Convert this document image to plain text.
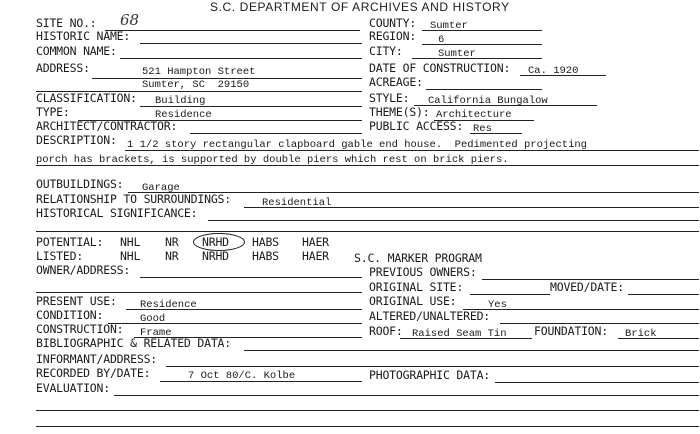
S.C. DEPARTMENT OF ARCHIVES AND HISTORY
SITE NO.: 68
HISTORIC NAME:
COMMON NAME:
ADDRESS:	521 Hampton Street
Sumter, SC  29150
CLASSIFICATION: Building
TYPE:	Residence
ARCHITECT/CONTRACTOR:
COUNTY: Sumter
REGION: 6
CITY:	Sumter
DATE OF CONSTRUCTION: Ca. 1920
ACREAGE:
STYLE: California Bungalow
THEME(S): Architecture
PUBLIC ACCESS: Res
DESCRIPTION: 1 1/2 story rectangular clapboard gable end house.  Pedimented projecting
porch has brackets, is supported by double piers which rest on brick piers.
OUTBUILDINGS: Garage
RELATIONSHIP TO SURROUNDINGS:	Residential
HISTORICAL SIGNIFICANCE:
POTENTIAL: NHL NR NRHD HABS HAER
LISTED:	NHL NR NRHD HABS HAER S.C. MARKER PROGRAM
OWNER/ADDRESS:	PREVIOUS OWNERS:
ORIGINAL SITE:	MOVED/DATE:
PRESENT USE: Residence	ORIGINAL USE:	Yes
CONDITION:	Good	ALTERED/UNALTERED:
CONSTRUCTION: Frame	ROOF: Raised Seam Tin FOUNDATION: Brick
BIBLIOGRAPHIC & RELATED DATA:
INFORMANT/ADDRESS:
RECORDED BY/DATE:	7 Oct 80/C. Kolbe	PHOTOGRAPHIC DATA:
EVALUATION:
